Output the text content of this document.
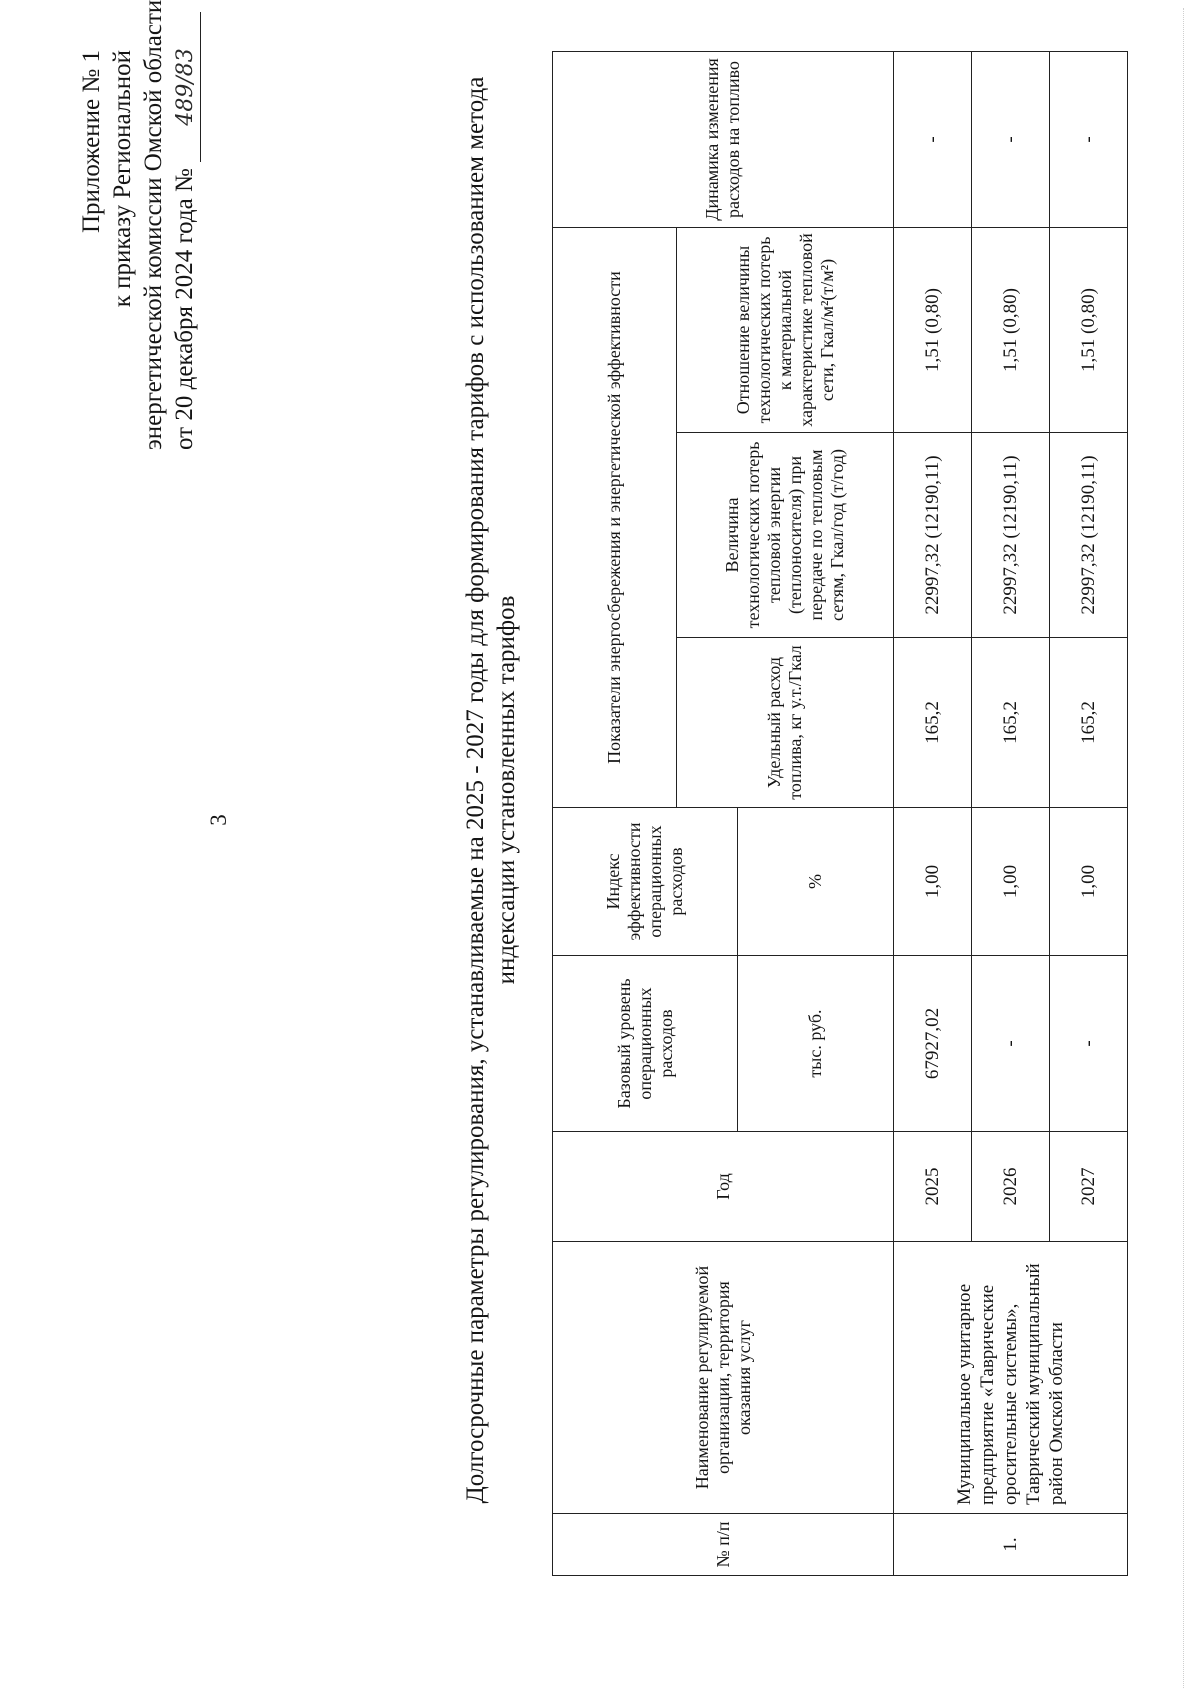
Приложение № 1 к приказу Региональной энергетической комиссии Омской области от 20 декабря 2024 года № 489/83
3	Долгосрочные параметры регулирования, устанавливаемые на 2025 - 2027 годы для формирования тарифов с использованием метода индексации установленных тарифов
№ п/п	Наименование регулируемой организации, территория оказания услуг	Год	Базовый уровень операционных расходов	Индекс эффективности операционных расходов	Показатели энергосбережения и энергетической эффективности			Динамика изменения расходов на топливо
					Удельный расход топлива, кг у.т./Гкал	Величина технологических потерь тепловой энергии (теплоносителя) при передаче по тепловым сетям, Гкал/год (т/год)	Отношение величины технологических потерь к материальной характеристике тепловой сети, Гкал/м²(т/м²)	
			тыс. руб.	%				
1.	Муниципальное унитарное предприятие «Таврические оросительные системы», Таврический муниципальный район Омской области	2025	67927,02	1,00	165,2	22997,32 (12190,11)	1,51 (0,80)	-
		2026	-	1,00	165,2	22997,32 (12190,11)	1,51 (0,80)	-
		2027	-	1,00	165,2	22997,32 (12190,11)	1,51 (0,80)	-
